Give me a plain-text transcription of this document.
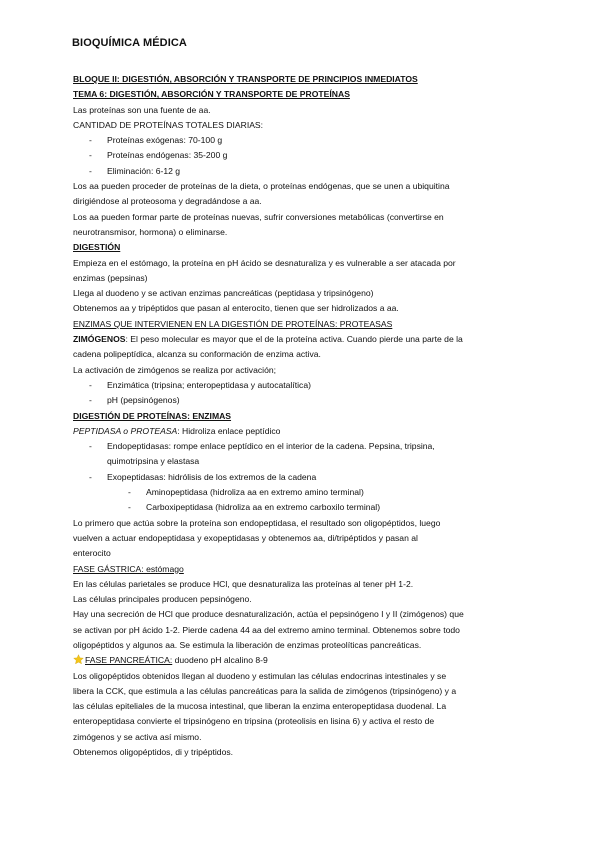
BIOQUÍMICA MÉDICA
BLOQUE II: DIGESTIÓN, ABSORCIÓN Y TRANSPORTE DE PRINCIPIOS INMEDIATOS
TEMA 6: DIGESTIÓN, ABSORCIÓN Y TRANSPORTE DE PROTEÍNAS
Las proteínas son una fuente de aa.
CANTIDAD DE PROTEÍNAS TOTALES DIARIAS:
- Proteínas exógenas: 70-100 g
- Proteínas endógenas: 35-200 g
- Eliminación: 6-12 g
Los aa pueden proceder de proteínas de la dieta, o proteínas endógenas, que se unen a ubiquitina
dirigiéndose al proteosoma y degradándose a aa.
Los aa pueden formar parte de proteínas nuevas, sufrir conversiones metabólicas (convertirse en
neurotransmisor, hormona) o eliminarse.
DIGESTIÓN
Empieza en el estómago, la proteína en pH ácido se desnaturaliza y es vulnerable a ser atacada por
enzimas (pepsinas)
Llega al duodeno y se activan enzimas pancreáticas (peptidasa y tripsinógeno)
Obtenemos aa y tripéptidos que pasan al enterocito, tienen que ser hidrolizados a aa.
ENZIMAS QUE INTERVIENEN EN LA DIGESTIÓN DE PROTEÍNAS: PROTEASAS
ZIMÓGENOS: El peso molecular es mayor que el de la proteína activa. Cuando pierde una parte de la
cadena polipeptídica, alcanza su conformación de enzima activa.
La activación de zimógenos se realiza por activación;
- Enzimática (tripsina; enteropeptidasa y autocatalítica)
- pH (pepsinógenos)
DIGESTIÓN DE PROTEÍNAS: ENZIMAS
PEPTIDASA o PROTEASA: Hidroliza enlace peptídico
- Endopeptidasas: rompe enlace peptídico en el interior de la cadena. Pepsina, tripsina,
quimotripsina y elastasa
- Exopeptidasas: hidrólisis de los extremos de la cadena
- Aminopeptidasa (hidroliza aa en extremo amino terminal)
- Carboxipeptidasa (hidroliza aa en extremo carboxilo terminal)
Lo primero que actúa sobre la proteína son endopeptidasa, el resultado son oligopéptidos, luego
vuelven a actuar endopeptidasa y exopeptidasas y obtenemos aa, di/tripéptidos y pasan al
enterocito
FASE GÁSTRICA: estómago
En las células parietales se produce HCl, que desnaturaliza las proteínas al tener pH 1-2.
Las células principales producen pepsinógeno.
Hay una secreción de HCl que produce desnaturalización, actúa el pepsinógeno I y II (zimógenos) que
se activan por pH ácido 1-2. Pierde cadena 44 aa del extremo amino terminal. Obtenemos sobre todo
oligopéptidos y algunos aa. Se estimula la liberación de enzimas proteolíticas pancreáticas.
FASE PANCREÁTICA: duodeno pH alcalino 8-9
Los oligopéptidos obtenidos llegan al duodeno y estimulan las células endocrinas intestinales y se
libera la CCK, que estimula a las células pancreáticas para la salida de zimógenos (tripsinógeno) y a
las células epiteliales de la mucosa intestinal, que liberan la enzima enteropeptidasa duodenal. La
enteropeptidasa convierte el tripsinógeno en tripsina (proteolisis en lisina 6) y activa el resto de
zimógenos y se activa así mismo.
Obtenemos oligopéptidos, di y tripéptidos.
